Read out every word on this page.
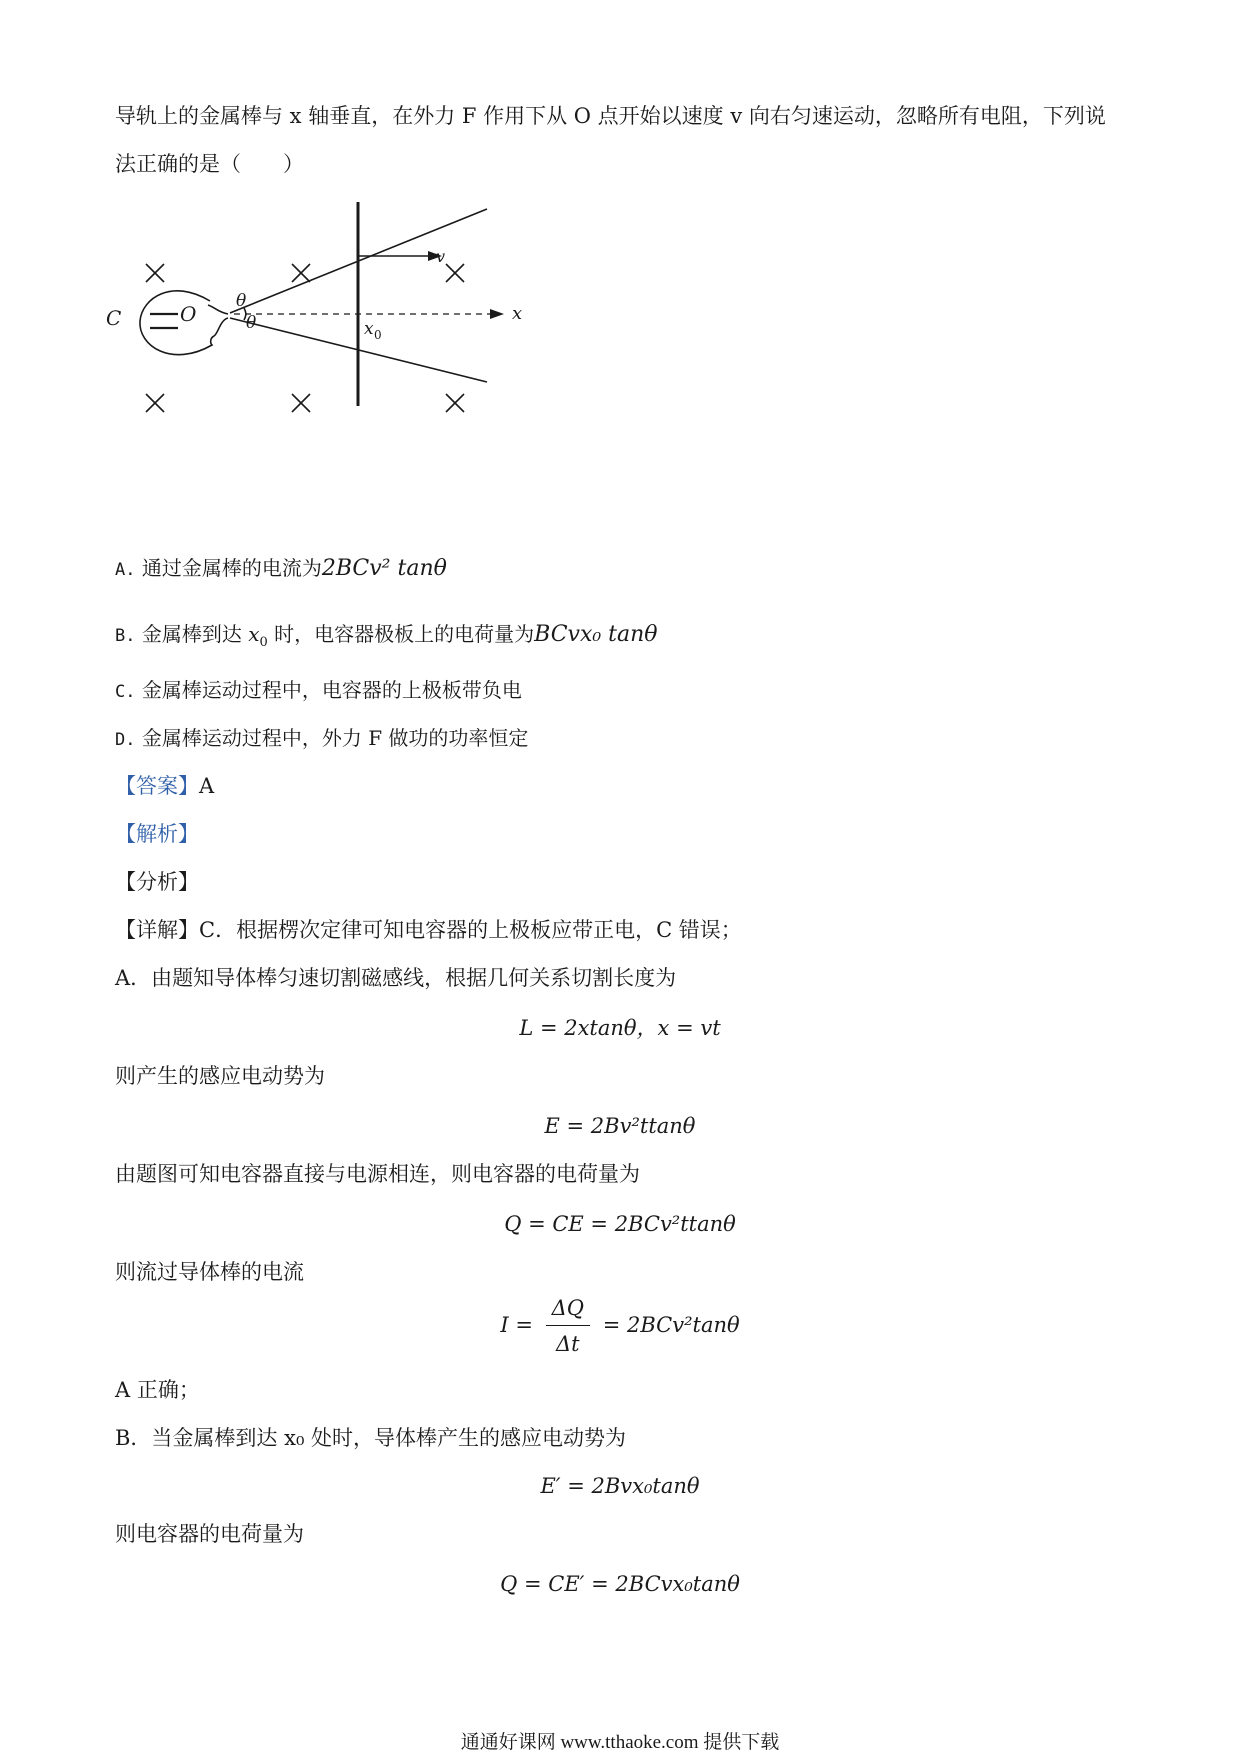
导轨上的金属棒与 x 轴垂直，在外力 F 作用下从 O 点开始以速度 v 向右匀速运动，忽略所有电阻，下列说
法正确的是（　　）
C	O
θ
θ	x 0
x
v
A. 通过金属棒的电流为2BCv² tanθ
B. 金属棒到达 $x_0$ 时，电容器极板上的电荷量为BCvx₀ tanθ
C. 金属棒运动过程中，电容器的上极板带负电
D. 金属棒运动过程中，外力 F 做功的功率恒定
【答案】A
【解析】
【分析】
【详解】C．根据楞次定律可知电容器的上极板应带正电，C 错误；
A．由题知导体棒匀速切割磁感线，根据几何关系切割长度为
L = 2xtanθ，x = vt
则产生的感应电动势为
E = 2Bv²ttanθ
由题图可知电容器直接与电源相连，则电容器的电荷量为
Q = CE = 2BCv²ttanθ
则流过导体棒的电流
$I = \frac{\Delta Q}{\Delta t} = 2BCv^2\tan\theta$
A 正确；
B．当金属棒到达 x₀ 处时，导体棒产生的感应电动势为
E′ = 2Bvx₀tanθ
则电容器的电荷量为
Q = CE′ = 2BCvx₀tanθ
通通好课网 www.tthaoke.com 提供下载
